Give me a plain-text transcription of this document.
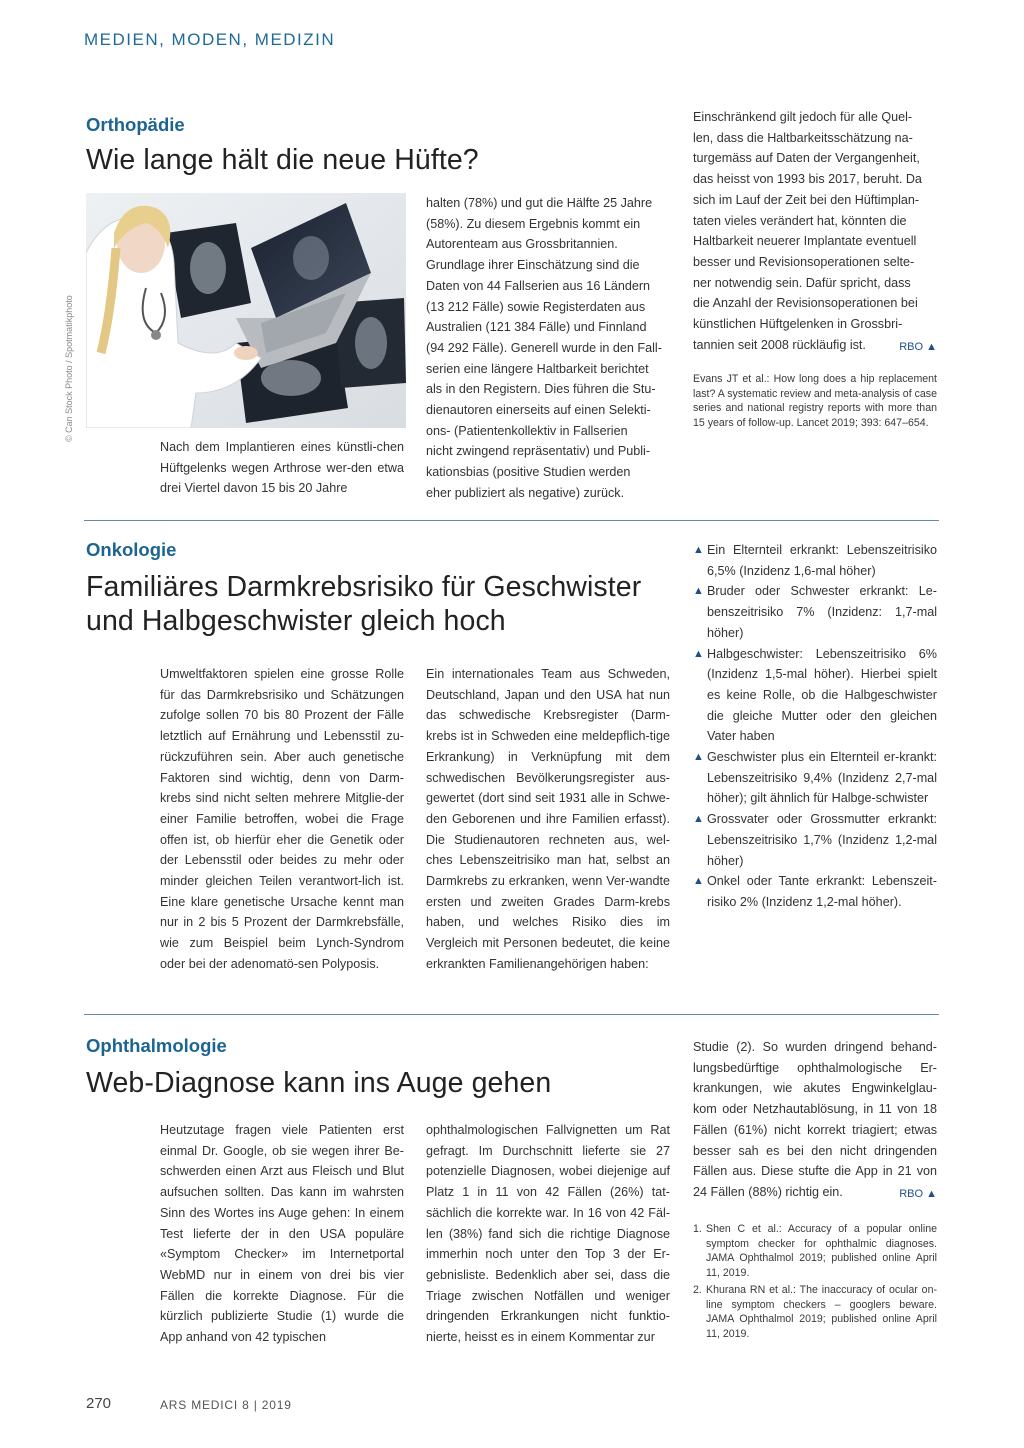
MEDIEN, MODEN, MEDIZIN
Orthopädie
Wie lange hält die neue Hüfte?
© Can Stock Photo / Spotmatikphoto

Nach dem Implantieren eines künstli-chen Hüftgelenks wegen Arthrose wer-den etwa drei Viertel davon 15 bis 20 Jahre

halten (78%) und gut die Hälfte 25 Jahre
(58%). Zu diesem Ergebnis kommt ein
Autorenteam aus Grossbritannien.
Grundlage ihrer Einschätzung sind die
Daten von 44 Fallserien aus 16 Ländern
(13 212 Fälle) sowie Registerdaten aus
Australien (121 384 Fälle) und Finnland
(94 292 Fälle). Generell wurde in den Fall-
serien eine längere Haltbarkeit berichtet
als in den Registern. Dies führen die Stu-
dienautoren einerseits auf einen Selekti-
ons- (Patientenkollektiv in Fallserien
nicht zwingend repräsentativ) und Publi-
kationsbias (positive Studien werden
eher publiziert als negative) zurück.
Einschränkend gilt jedoch für alle Quel-
len, dass die Haltbarkeitsschätzung na-
turgemäss auf Daten der Vergangenheit,
das heisst von 1993 bis 2017, beruht. Da
sich im Lauf der Zeit bei den Hüftimplan-
taten vieles verändert hat, könnten die
Haltbarkeit neuerer Implantate eventuell
besser und Revisionsoperationen selte-
ner notwendig sein. Dafür spricht, dass
die Anzahl der Revisionsoperationen bei
künstlichen Hüftgelenken in Grossbri-
RBO ▲
tannien seit 2008 rückläufig ist.
Evans JT et al.: How long does a hip replacement last? A systematic review and meta-analysis of case series and national registry reports with more than 15 years of follow-up. Lancet 2019; 393: 647–654.
Onkologie
Familiäres Darmkrebsrisiko für Geschwister
und Halbgeschwister gleich hoch

Umweltfaktoren spielen eine grosse Rolle für das Darmkrebsrisiko und Schätzungen zufolge sollen 70 bis 80 Prozent der Fälle letztlich auf Ernährung und Lebensstil zu-rückzuführen sein. Aber auch genetische Faktoren sind wichtig, denn von Darm-krebs sind nicht selten mehrere Mitglie-der einer Familie betroffen, wobei die Frage offen ist, ob hierfür eher die Genetik oder der Lebensstil oder beides zu mehr oder minder gleichen Teilen verantwort-lich ist. Eine klare genetische Ursache kennt man nur in 2 bis 5 Prozent der Darmkrebsfälle, wie zum Beispiel beim Lynch-Syndrom oder bei der adenomatö-sen Polyposis.

Ein internationales Team aus Schweden, Deutschland, Japan und den USA hat nun das schwedische Krebsregister (Darm-krebs ist in Schweden eine meldepflich-tige Erkrankung) in Verknüpfung mit dem schwedischen Bevölkerungsregister aus-gewertet (dort sind seit 1931 alle in Schwe-den Geborenen und ihre Familien erfasst). Die Studienautoren rechneten aus, wel-ches Lebenszeitrisiko man hat, selbst an Darmkrebs zu erkranken, wenn Ver-wandte ersten und zweiten Grades Darm-krebs haben, und welches Risiko dies im Vergleich mit Personen bedeutet, die keine erkrankten Familienangehörigen haben:

▲ Ein Elternteil erkrankt: Lebenszeitrisiko 6,5% (Inzidenz 1,6-mal höher)
▲ Bruder oder Schwester erkrankt: Le-benszeitrisiko 7% (Inzidenz: 1,7-mal höher)
▲ Halbgeschwister: Lebenszeitrisiko 6% (Inzidenz 1,5-mal höher). Hierbei spielt es keine Rolle, ob die Halbgeschwister die gleiche Mutter oder den gleichen Vater haben
▲ Geschwister plus ein Elternteil er-krankt: Lebenszeitrisiko 9,4% (Inzidenz 2,7-mal höher); gilt ähnlich für Halbge-schwister
▲ Grossvater oder Grossmutter erkrankt: Lebenszeitrisiko 1,7% (Inzidenz 1,2-mal höher)
▲ Onkel oder Tante erkrankt: Lebenszeit-risiko 2% (Inzidenz 1,2-mal höher).
Ophthalmologie
Web-Diagnose kann ins Auge gehen

Heutzutage fragen viele Patienten erst einmal Dr. Google, ob sie wegen ihrer Be-schwerden einen Arzt aus Fleisch und Blut aufsuchen sollten. Das kann im wahrsten Sinn des Wortes ins Auge gehen: In einem Test lieferte der in den USA populäre «Symptom Checker» im Internetportal WebMD nur in einem von drei bis vier Fällen die korrekte Diagnose. Für die kürzlich publizierte Studie (1) wurde die App anhand von 42 typischen

ophthalmologischen Fallvignetten um Rat gefragt. Im Durchschnitt lieferte sie 27 potenzielle Diagnosen, wobei diejenige auf Platz 1 in 11 von 42 Fällen (26%) tat-sächlich die korrekte war. In 16 von 42 Fäl-len (38%) fand sich die richtige Diagnose immerhin noch unter den Top 3 der Er-gebnisliste. Bedenklich aber sei, dass die Triage zwischen Notfällen und weniger dringenden Erkrankungen nicht funktio-nierte, heisst es in einem Kommentar zur

Studie (2). So wurden dringend behand-lungsbedürftige ophthalmologische Er-krankungen, wie akutes Engwinkelglau-kom oder Netzhautablösung, in 11 von 18 Fällen (61%) nicht korrekt triagiert; etwas besser sah es bei den nicht dringenden Fällen aus. Diese stufte die App in 21 von 24 Fällen (88%) richtig ein.	RBO ▲

1. Shen C et al.: Accuracy of a popular online symptom checker for ophthalmic diagnoses. JAMA Ophthalmol 2019; published online April 11, 2019.
2. Khurana RN et al.: The inaccuracy of ocular on-line symptom checkers – googlers beware. JAMA Ophthalmol 2019; published online April 11, 2019.
270	ARS MEDICI 8 | 2019
